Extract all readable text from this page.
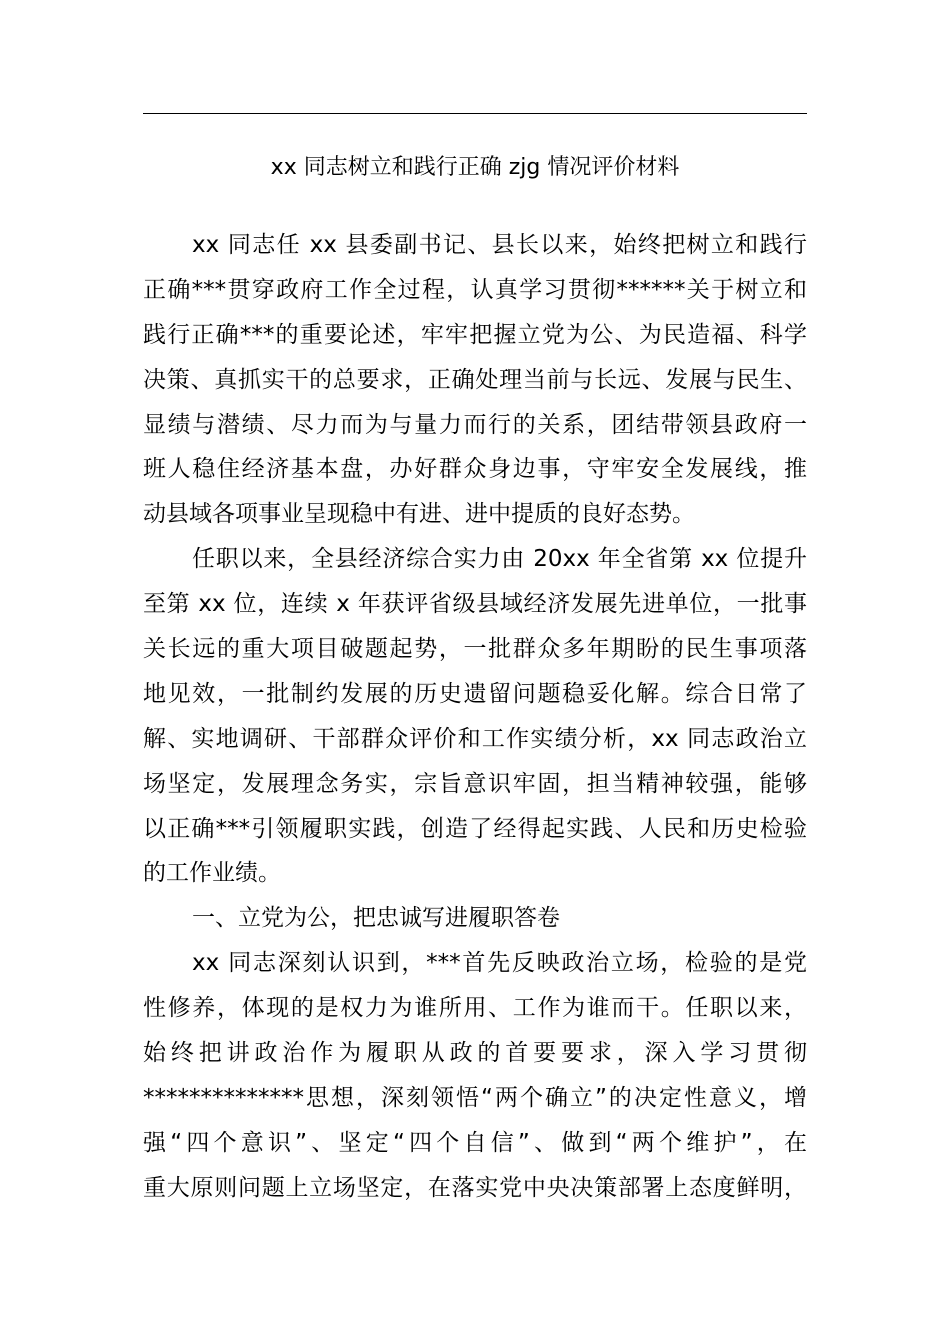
xx 同志树立和践行正确 zjg 情况评价材料
xx 同志任 xx 县委副书记、县长以来，始终把树立和践行
正确***贯穿政府工作全过程，认真学习贯彻******关于树立和
践行正确***的重要论述，牢牢把握立党为公、为民造福、科学
决策、真抓实干的总要求，正确处理当前与长远、发展与民生、
显绩与潜绩、尽力而为与量力而行的关系，团结带领县政府一
班人稳住经济基本盘，办好群众身边事，守牢安全发展线，推
动县域各项事业呈现稳中有进、进中提质的良好态势。
任职以来，全县经济综合实力由 20xx 年全省第 xx 位提升
至第 xx 位，连续 x 年获评省级县域经济发展先进单位，一批事
关长远的重大项目破题起势，一批群众多年期盼的民生事项落
地见效，一批制约发展的历史遗留问题稳妥化解。综合日常了
解、实地调研、干部群众评价和工作实绩分析，xx 同志政治立
场坚定，发展理念务实，宗旨意识牢固，担当精神较强，能够
以正确***引领履职实践，创造了经得起实践、人民和历史检验
的工作业绩。
一、立党为公，把忠诚写进履职答卷
xx 同志深刻认识到，***首先反映政治立场，检验的是党
性修养，体现的是权力为谁所用、工作为谁而干。任职以来，
始终把讲政治作为履职从政的首要要求，深入学习贯彻
**************思想，深刻领悟“两个确立”的决定性意义，增
强“四个意识”、坚定“四个自信”、做到“两个维护”，在
重大原则问题上立场坚定，在落实党中央决策部署上态度鲜明，
